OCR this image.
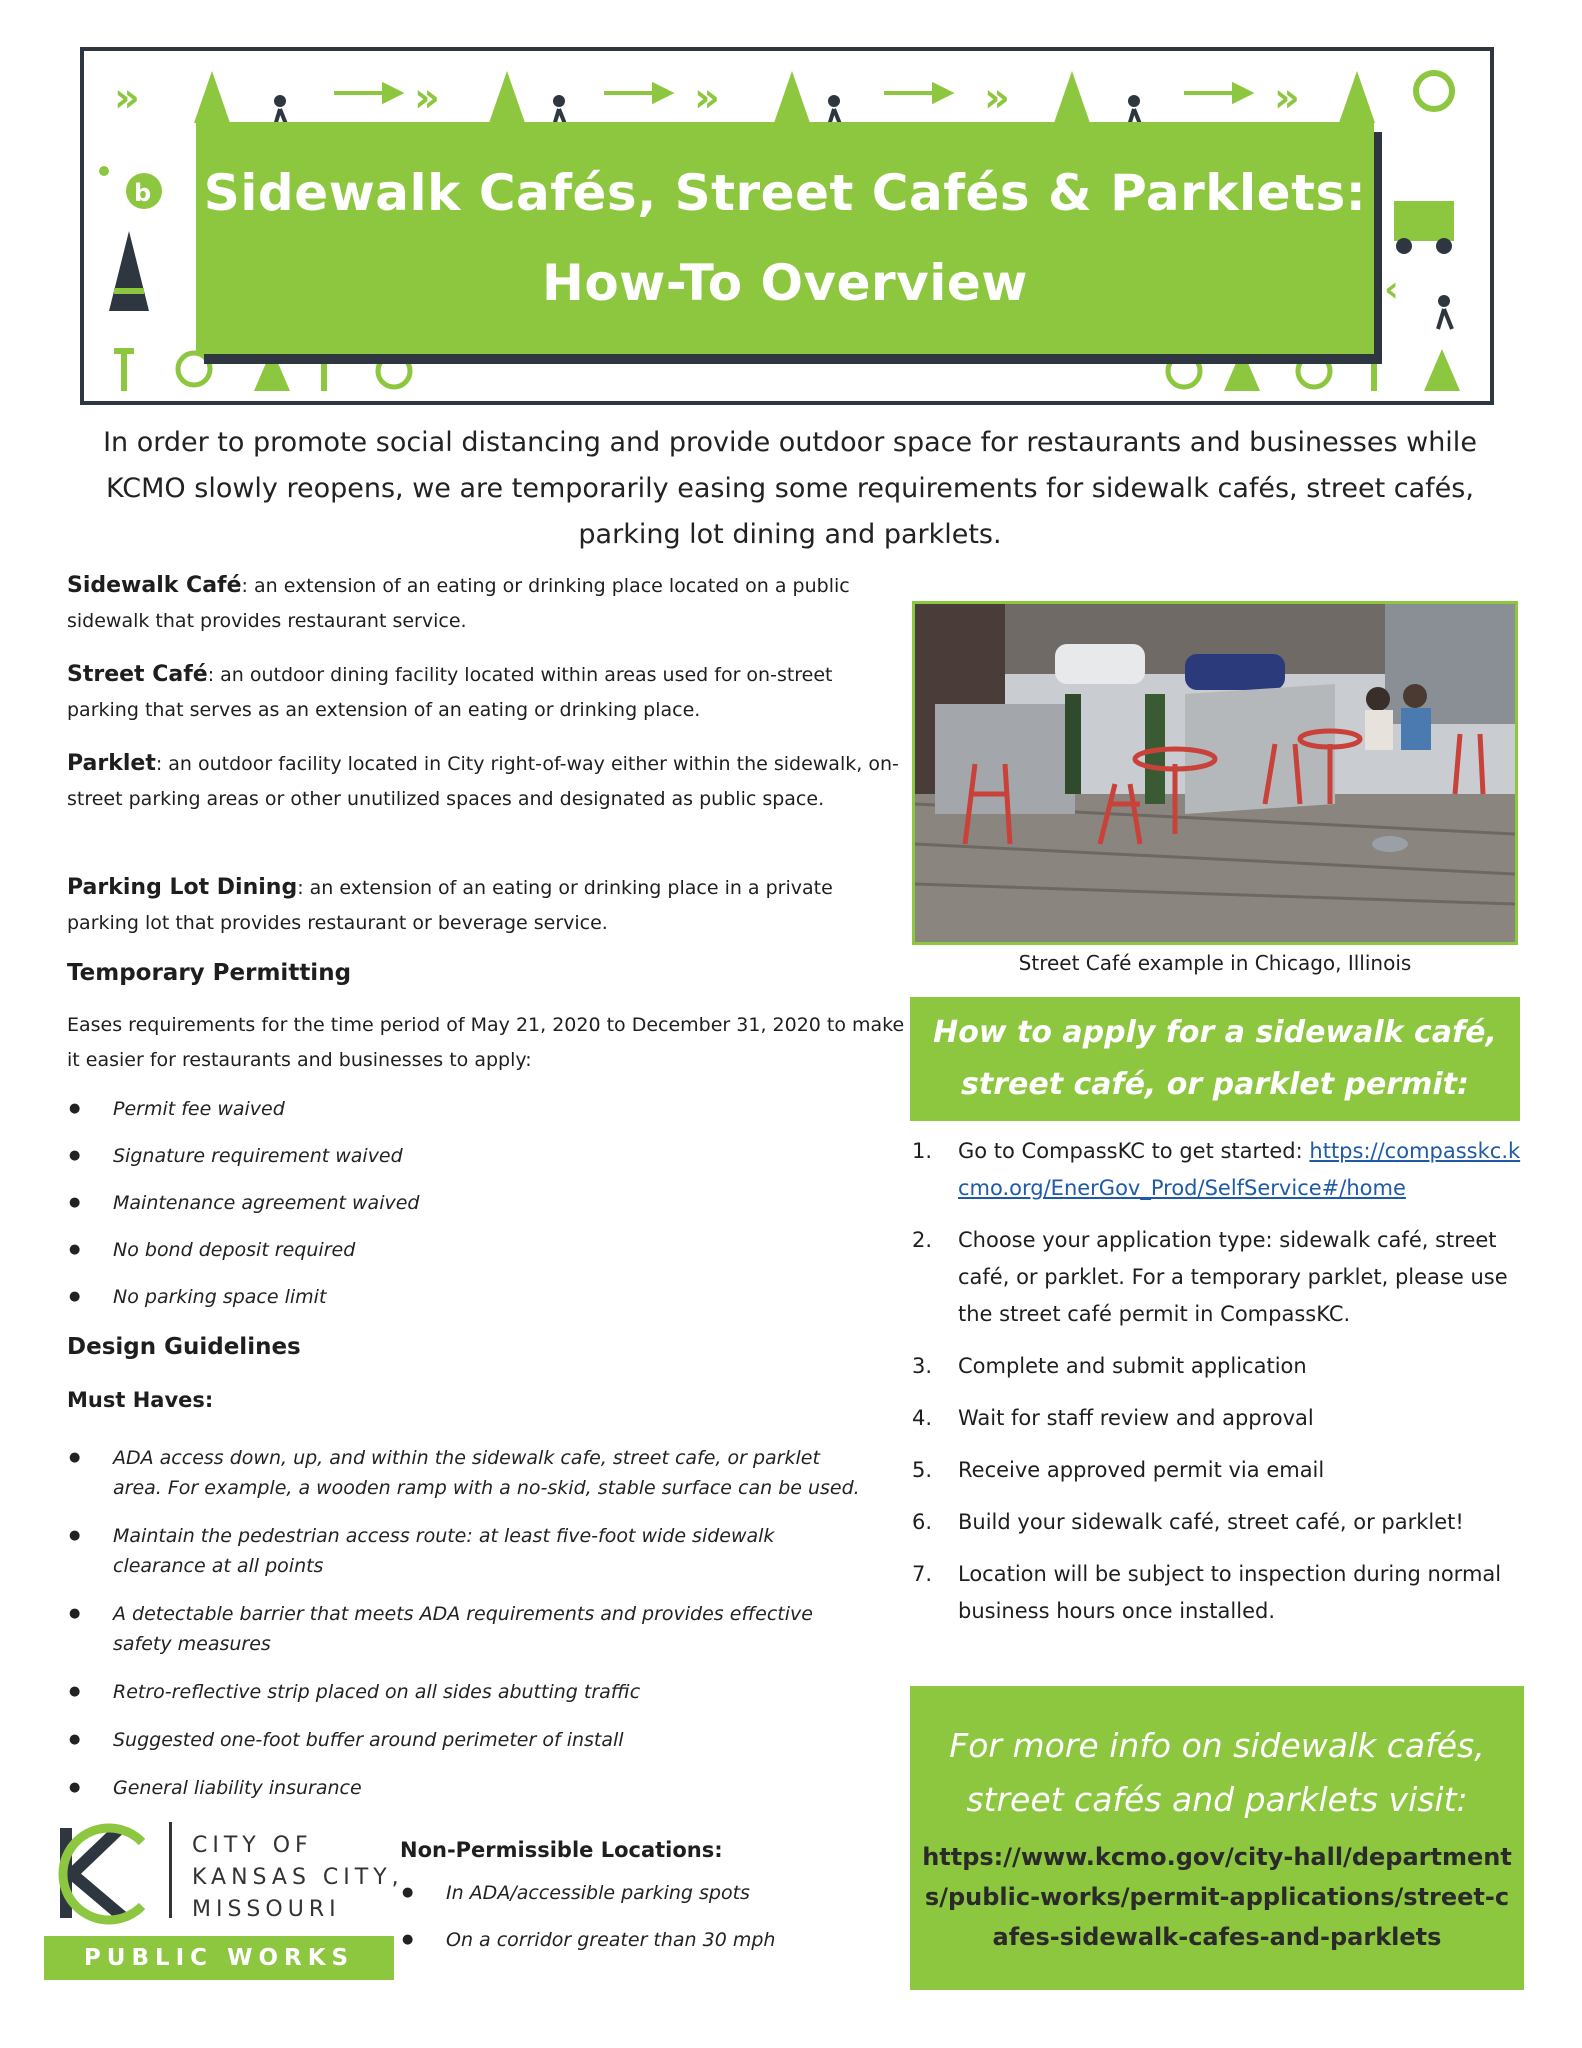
»	»	»	»	»
b
‹
Sidewalk Cafés, Street Cafés & Parklets:
How-To Overview
In order to promote social distancing and provide outdoor space for restaurants and businesses while KCMO slowly reopens, we are temporarily easing some requirements for sidewalk cafés, street cafés, parking lot dining and parklets.
Sidewalk Café: an extension of an eating or drinking place located on a public sidewalk that provides restaurant service.
Street Café: an outdoor dining facility located within areas used for on-street parking that serves as an extension of an eating or drinking place.
Parklet: an outdoor facility located in City right-of-way either within the sidewalk, on-street parking areas or other unutilized spaces and designated as public space.
Parking Lot Dining: an extension of an eating or drinking place in a private parking lot that provides restaurant or beverage service.
Temporary Permitting
Eases requirements for the time period of May 21, 2020 to December 31, 2020 to make it easier for restaurants and businesses to apply:
● Permit fee waived
● Signature requirement waived
● Maintenance agreement waived
● No bond deposit required
● No parking space limit
Design Guidelines
Must Haves:
● ADA access down, up, and within the sidewalk cafe, street cafe, or parklet area. For example, a wooden ramp with a no-skid, stable surface can be used.
● Maintain the pedestrian access route: at least five-foot wide sidewalk clearance at all points
● A detectable barrier that meets ADA requirements and provides effective safety measures
● Retro-reflective strip placed on all sides abutting traffic
● Suggested one-foot buffer around perimeter of install
● General liability insurance
Non-Permissible Locations:
● In ADA/accessible parking spots
● On a corridor greater than 30 mph
CITY OF
KANSAS CITY,
MISSOURI
PUBLIC WORKS
Street Café example in Chicago, Illinois
How to apply for a sidewalk café,
street café, or parklet permit:
1. Go to CompassKC to get started: https://compasskc.kcmo.org/EnerGov_Prod/SelfService#/home
2. Choose your application type: sidewalk café, street café, or parklet. For a temporary parklet, please use the street café permit in CompassKC.
3. Complete and submit application
4. Wait for staff review and approval
5. Receive approved permit via email
6. Build your sidewalk café, street café, or parklet!
7. Location will be subject to inspection during normal business hours once installed.
For more info on sidewalk cafés,
street cafés and parklets visit:
https://www.kcmo.gov/city-hall/departments/public-works/permit-applications/street-cafes-sidewalk-cafes-and-parklets
